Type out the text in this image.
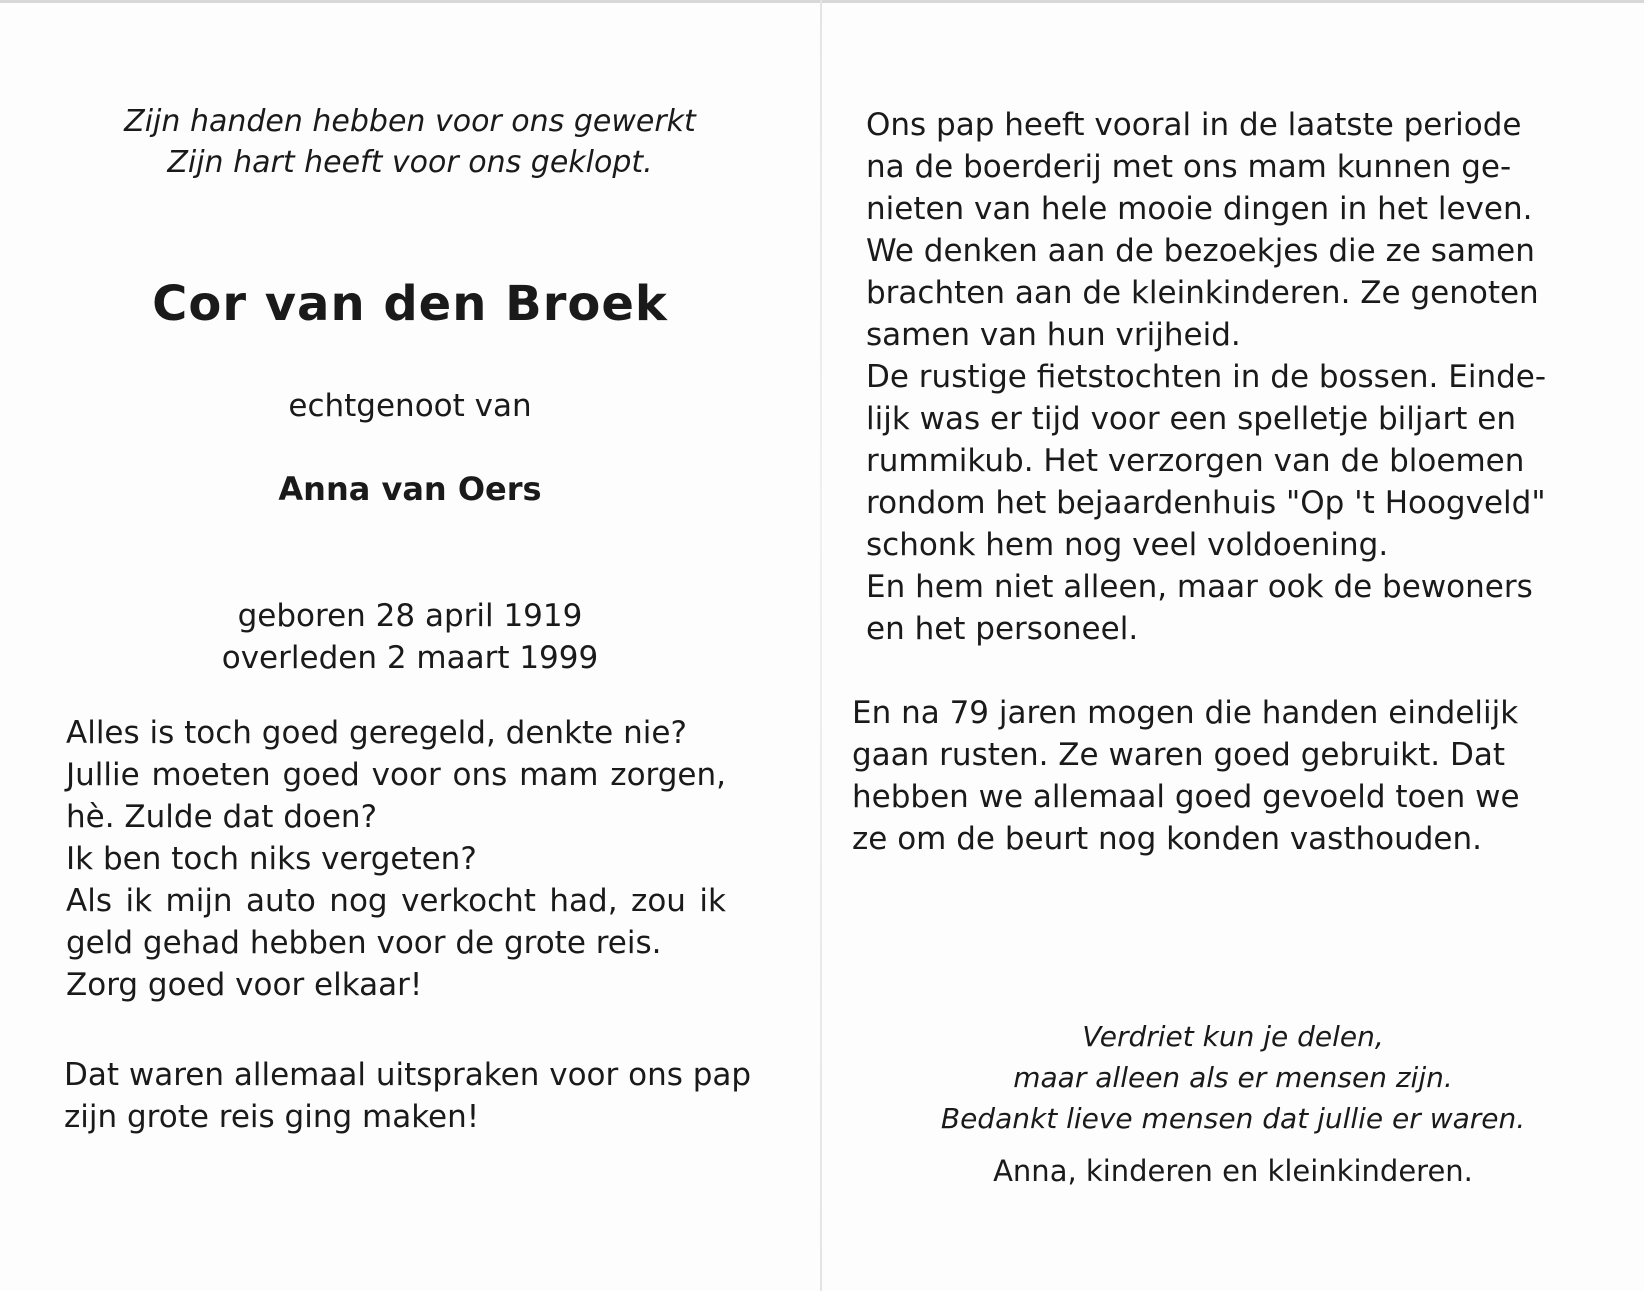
Zijn handen hebben voor ons gewerkt
Zijn hart heeft voor ons geklopt.
Cor van den Broek
echtgenoot van
Anna van Oers
geboren 28 april 1919
overleden 2 maart 1999
Alles is toch goed geregeld, denkte nie?
Jullie moeten goed voor ons mam zorgen,
hè. Zulde dat doen?
Ik ben toch niks vergeten?
Als ik mijn auto nog verkocht had, zou ik
geld gehad hebben voor de grote reis.
Zorg goed voor elkaar!
Dat waren allemaal uitspraken voor ons pap
zijn grote reis ging maken!
Ons pap heeft vooral in de laatste periode
na de boerderij met ons mam kunnen ge-
nieten van hele mooie dingen in het leven.
We denken aan de bezoekjes die ze samen
brachten aan de kleinkinderen. Ze genoten
samen van hun vrijheid.
De rustige fietstochten in de bossen. Einde-
lijk was er tijd voor een spelletje biljart en
rummikub. Het verzorgen van de bloemen
rondom het bejaardenhuis "Op 't Hoogveld"
schonk hem nog veel voldoening.
En hem niet alleen, maar ook de bewoners
en het personeel.
En na 79 jaren mogen die handen eindelijk
gaan rusten. Ze waren goed gebruikt. Dat
hebben we allemaal goed gevoeld toen we
ze om de beurt nog konden vasthouden.
Verdriet kun je delen,
maar alleen als er mensen zijn.
Bedankt lieve mensen dat jullie er waren.
Anna, kinderen en kleinkinderen.
